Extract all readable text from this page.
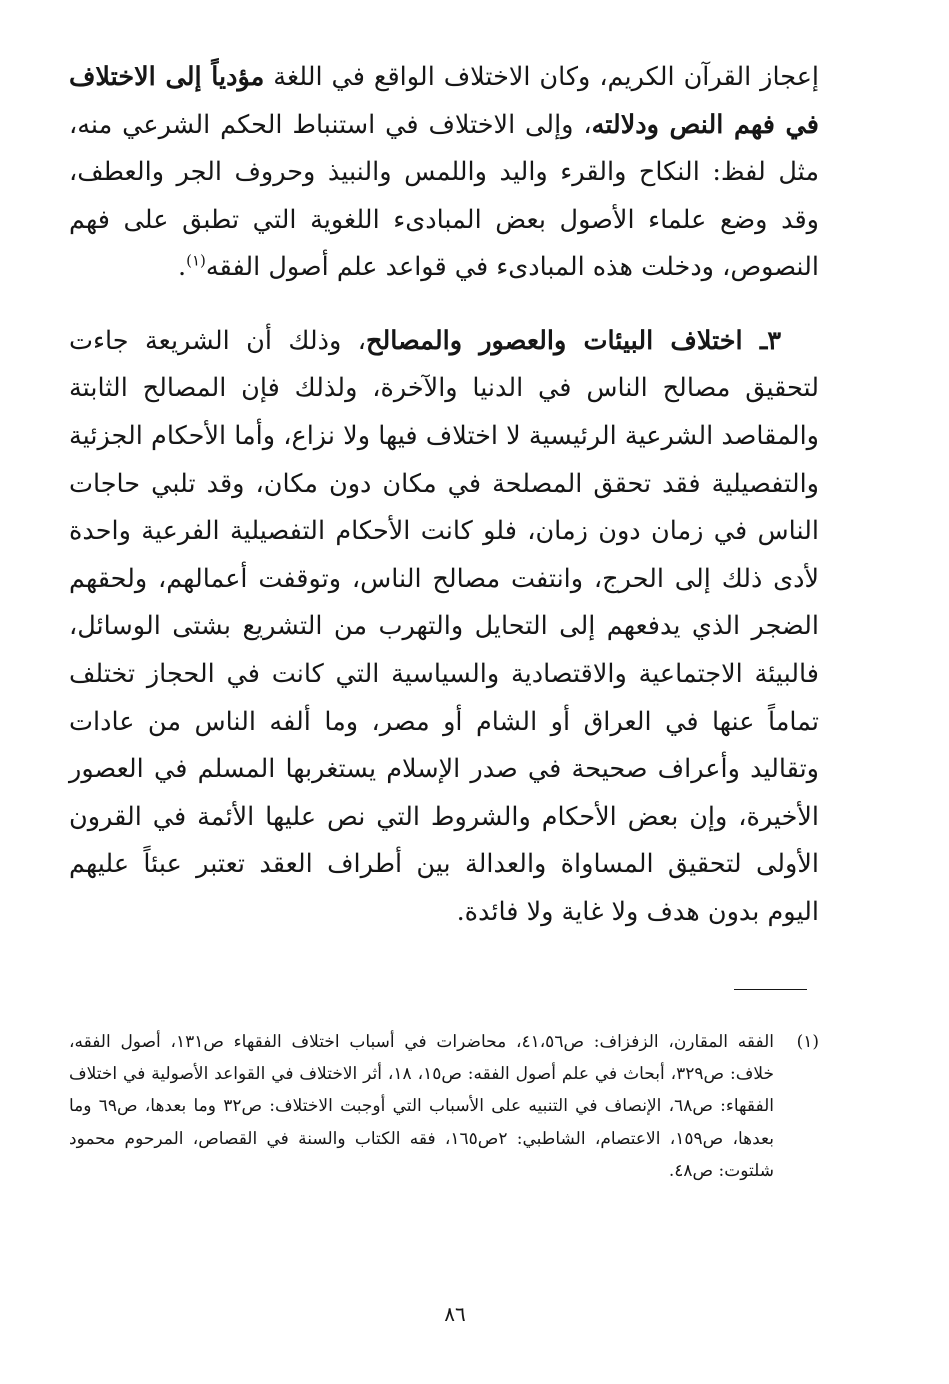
إعجاز القرآن الكريم، وكان الاختلاف الواقع في اللغة مؤدياً إلى الاختلاف في فهم النص ودلالته، وإلى الاختلاف في استنباط الحكم الشرعي منه، مثل لفظ: النكاح والقرء واليد واللمس والنبيذ وحروف الجر والعطف، وقد وضع علماء الأصول بعض المبادىء اللغوية التي تطبق على فهم النصوص، ودخلت هذه المبادىء في قواعد علم أصول الفقه$^{(١)}$.

٣ـ اختلاف البيئات والعصور والمصالح، وذلك أن الشريعة جاءت لتحقيق مصالح الناس في الدنيا والآخرة، ولذلك فإن المصالح الثابتة والمقاصد الشرعية الرئيسية لا اختلاف فيها ولا نزاع، وأما الأحكام الجزئية والتفصيلية فقد تحقق المصلحة في مكان دون مكان، وقد تلبي حاجات الناس في زمان دون زمان، فلو كانت الأحكام التفصيلية الفرعية واحدة لأدى ذلك إلى الحرج، وانتفت مصالح الناس، وتوقفت أعمالهم، ولحقهم الضجر الذي يدفعهم إلى التحايل والتهرب من التشريع بشتى الوسائل، فالبيئة الاجتماعية والاقتصادية والسياسية التي كانت في الحجاز تختلف تماماً عنها في العراق أو الشام أو مصر، وما ألفه الناس من عادات وتقاليد وأعراف صحيحة في صدر الإسلام يستغربها المسلم في العصور الأخيرة، وإن بعض الأحكام والشروط التي نص عليها الأئمة في القرون الأولى لتحقيق المساواة والعدالة بين أطراف العقد تعتبر عبئاً عليهم اليوم بدون هدف ولا غاية ولا فائدة.

(١)
الفقه المقارن، الزفزاف: ص٤١،٥٦، محاضرات في أسباب اختلاف الفقهاء ص١٣١، أصول الفقه، خلاف: ص٣٢٩، أبحاث في علم أصول الفقه: ص١٥، ١٨، أثر الاختلاف في القواعد الأصولية في اختلاف الفقهاء: ص٦٨، الإنصاف في التنبيه على الأسباب التي أوجبت الاختلاف: ص٣٢ وما بعدها، ص٦٩ وما بعدها، ص١٥٩، الاعتصام، الشاطبي: ٢ص١٦٥، فقه الكتاب والسنة في القصاص، المرحوم محمود شلتوت: ص٤٨.
٨٦
